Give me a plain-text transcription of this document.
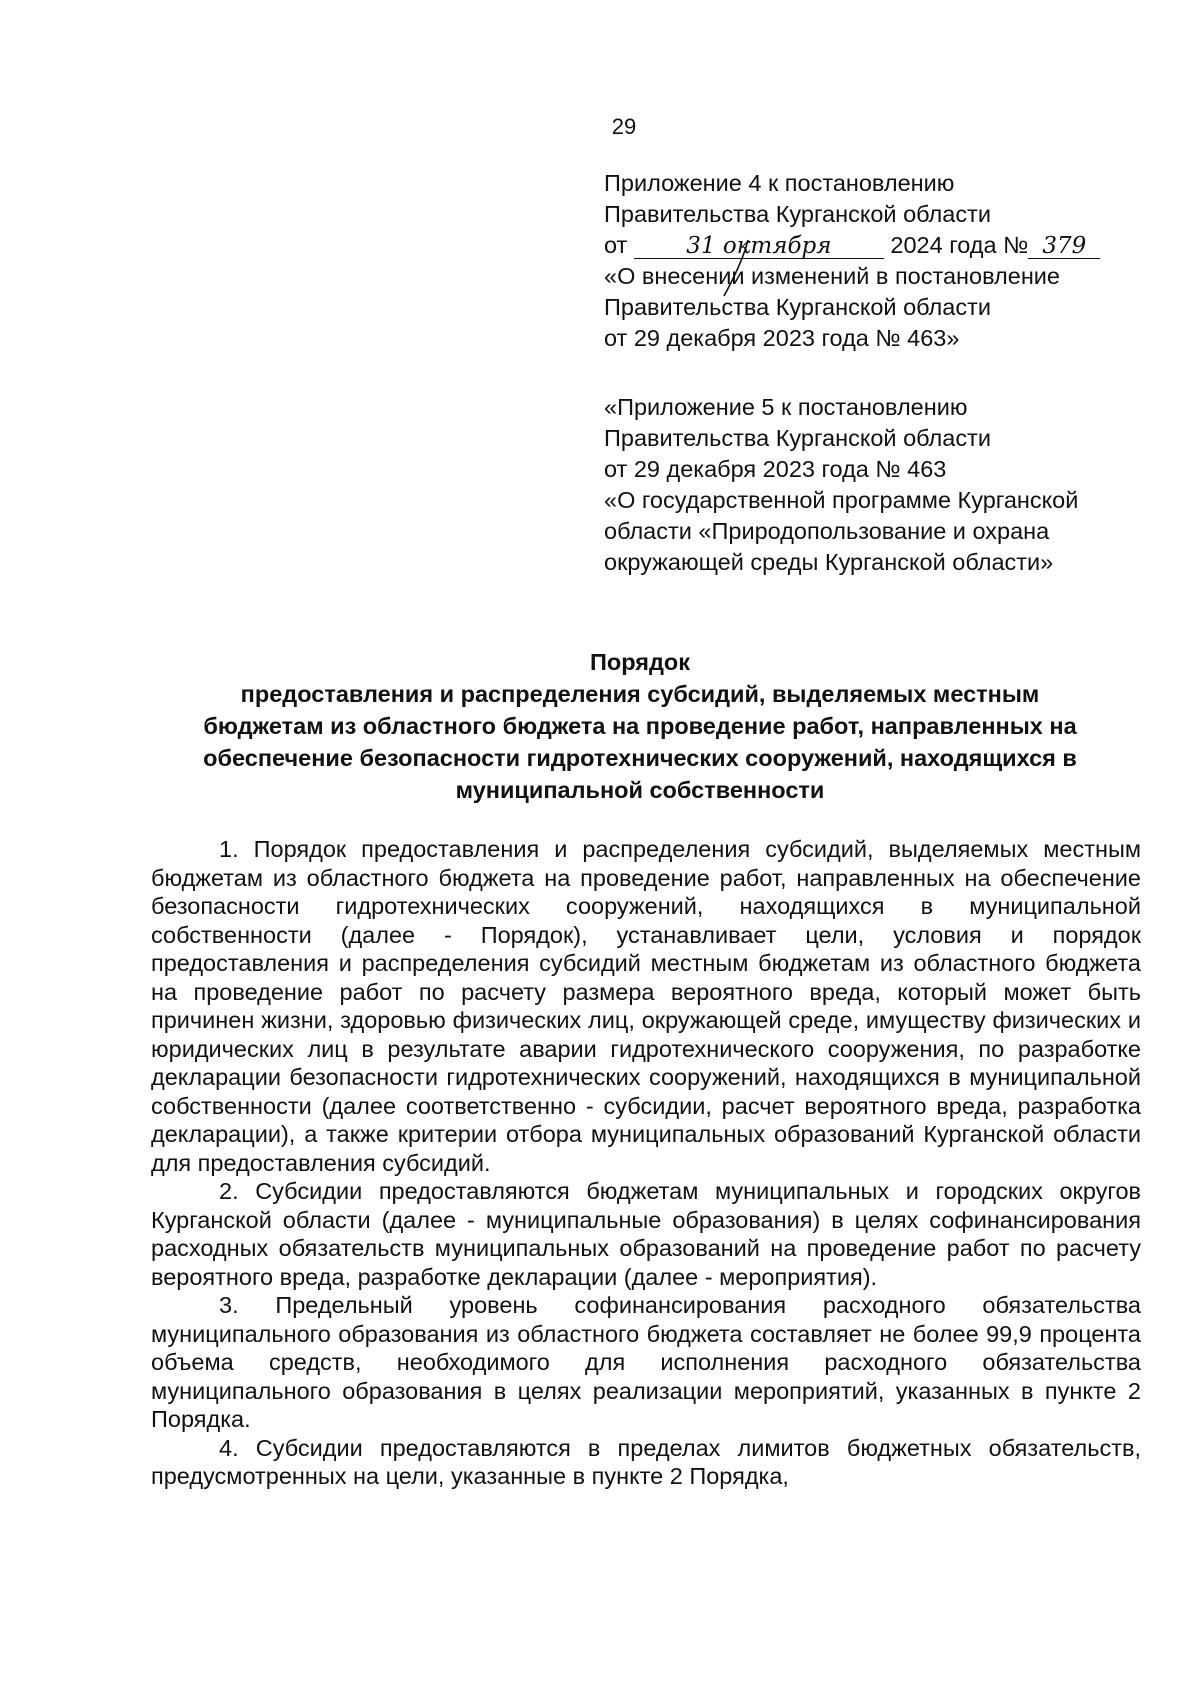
29
Приложение 4 к постановлению
Правительства Курганской области
от	31 октября	2024 года № 379
«О внесении изменений в постановление
Правительства Курганской области
от 29 декабря 2023 года № 463»
«Приложение 5 к постановлению
Правительства Курганской области
от 29 декабря 2023 года № 463
«О государственной программе Курганской
области «Природопользование и охрана
окружающей среды Курганской области»
Порядок
предоставления и распределения субсидий, выделяемых местным
бюджетам из областного бюджета на проведение работ, направленных на
обеспечение безопасности гидротехнических сооружений, находящихся в
муниципальной собственности

1. Порядок предоставления и распределения субсидий, выделяемых местным бюджетам из областного бюджета на проведение работ, направленных на обеспечение безопасности гидротехнических сооружений, находящихся в муниципальной собственности (далее - Порядок), устанавливает цели, условия и порядок предоставления и распределения субсидий местным бюджетам из областного бюджета на проведение работ по расчету размера вероятного вреда, который может быть причинен жизни, здоровью физических лиц, окружающей среде, имуществу физических и юридических лиц в результате аварии гидротехнического сооружения, по разработке декларации безопасности гидротехнических сооружений, находящихся в муниципальной собственности (далее соответственно - субсидии, расчет вероятного вреда, разработка декларации), а также критерии отбора муниципальных образований Курганской области для предоставления субсидий.

2. Субсидии предоставляются бюджетам муниципальных и городских округов Курганской области (далее - муниципальные образования) в целях софинансирования расходных обязательств муниципальных образований на проведение работ по расчету вероятного вреда, разработке декларации (далее - мероприятия).

3. Предельный уровень софинансирования расходного обязательства муниципального образования из областного бюджета составляет не более 99,9 процента объема средств, необходимого для исполнения расходного обязательства муниципального образования в целях реализации мероприятий, указанных в пункте 2 Порядка.

4. Субсидии предоставляются в пределах лимитов бюджетных обязательств, предусмотренных на цели, указанные в пункте 2 Порядка,
